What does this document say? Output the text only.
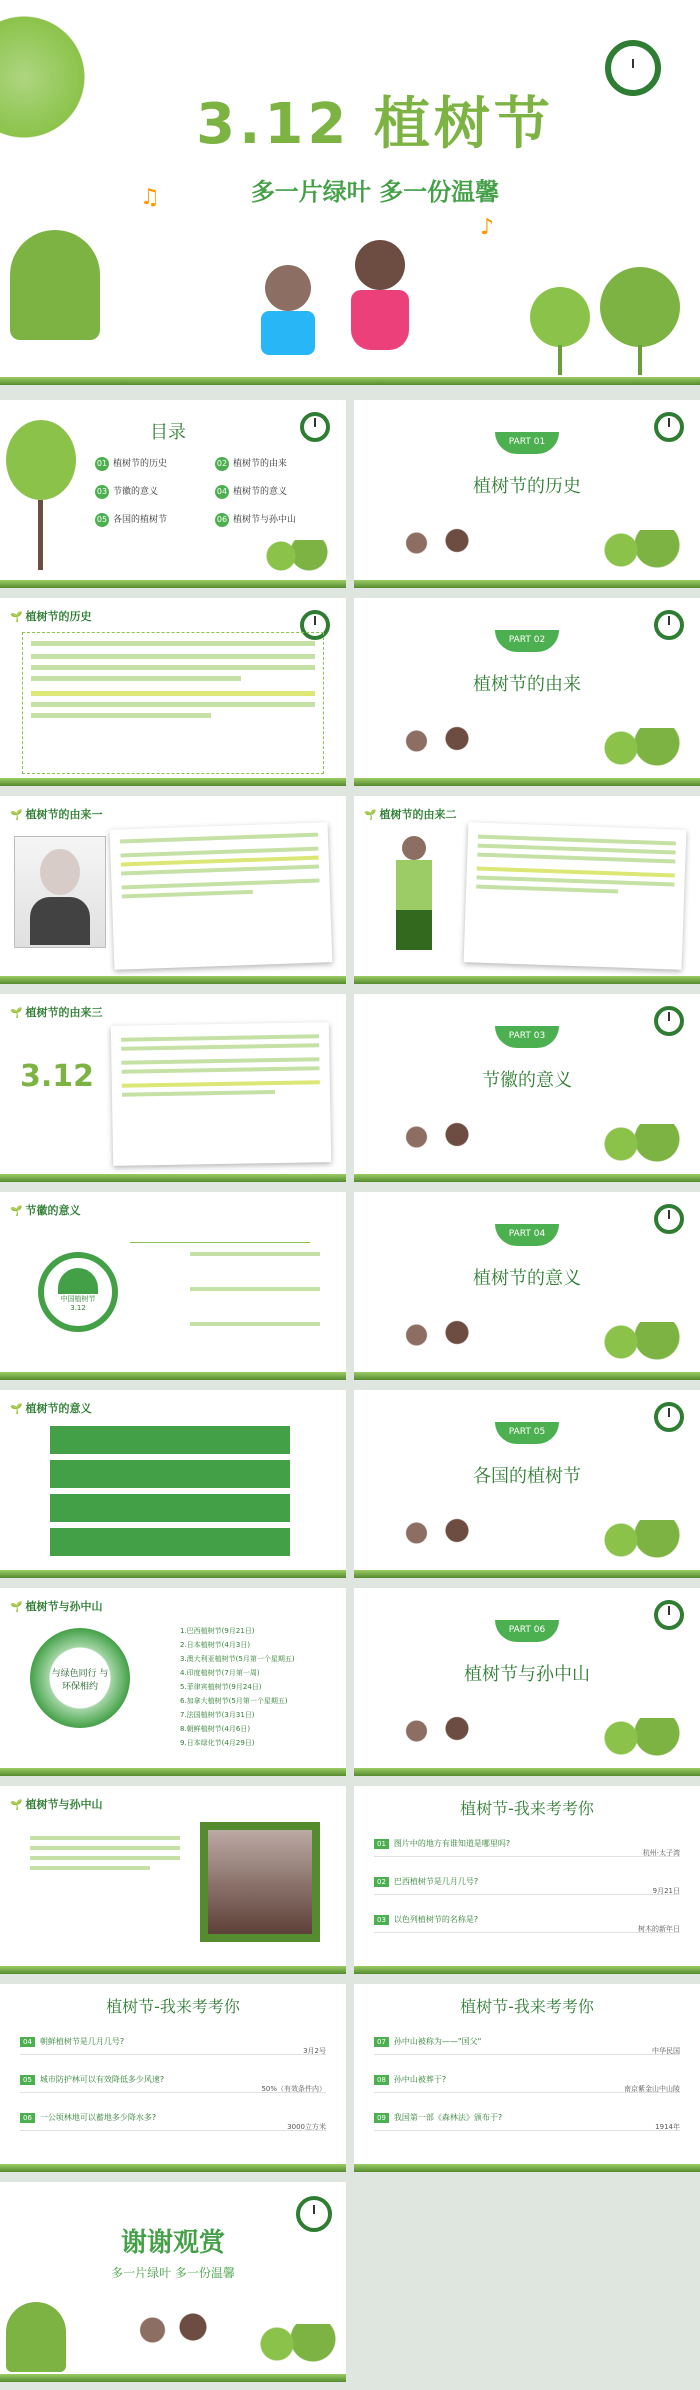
3.12 植树节
多一片绿叶 多一份温馨
♫
♪
目录
01 植树节的历史	02 植树节的由来
03 节徽的意义	04 植树节的意义
05 各国的植树节	06 植树节与孙中山
PART 01
植树节的历史
🌱 植树节的历史
PART 02
植树节的由来
🌱 植树节的由来一
🌱	植树节的由来二
🌱 植树节的由来三
3.12
PART 03
节徽的意义
🌱 节徽的意义
中国植树节
3.12
PART 04
植树节的意义
🌱 植树节的意义
PART 05
各国的植树节
🌱 植树节与孙中山
与绿色同行 与环保相约
1.巴西植树节(9月21日)
2.日本植树节(4月3日)
3.澳大利亚植树节(5月第一个星期五)
4.印度植树节(7月第一周)
5.菲律宾植树节(9月24日)
6.加拿大植树节(5月第一个星期五)
7.法国植树节(3月31日)
8.朝鲜植树节(4月6日)
9.日本绿化节(4月29日)
PART 06
植树节与孙中山
🌱 植树节与孙中山	植树节-我来考考你
01 图片中的地方有谁知道是哪里吗?
杭州·太子湾
02 巴西植树节是几月几号?
9月21日
03 以色列植树节的名称是?
树木的新年日
植树节-我来考考你
04 朝鲜植树节是几月几号?
3月2号
05 城市防护林可以有效降低多少风速?
50%（有效条件内）
06 一公顷林地可以蓄地多少降水多?
3000立方米
植树节-我来考考你
07 孙中山被称为——"国父"
中华民国
08 孙中山被葬于?
南京紫金山中山陵
09 我国第一部《森林法》颁布于?
1914年
谢谢观赏
多一片绿叶 多一份温馨
